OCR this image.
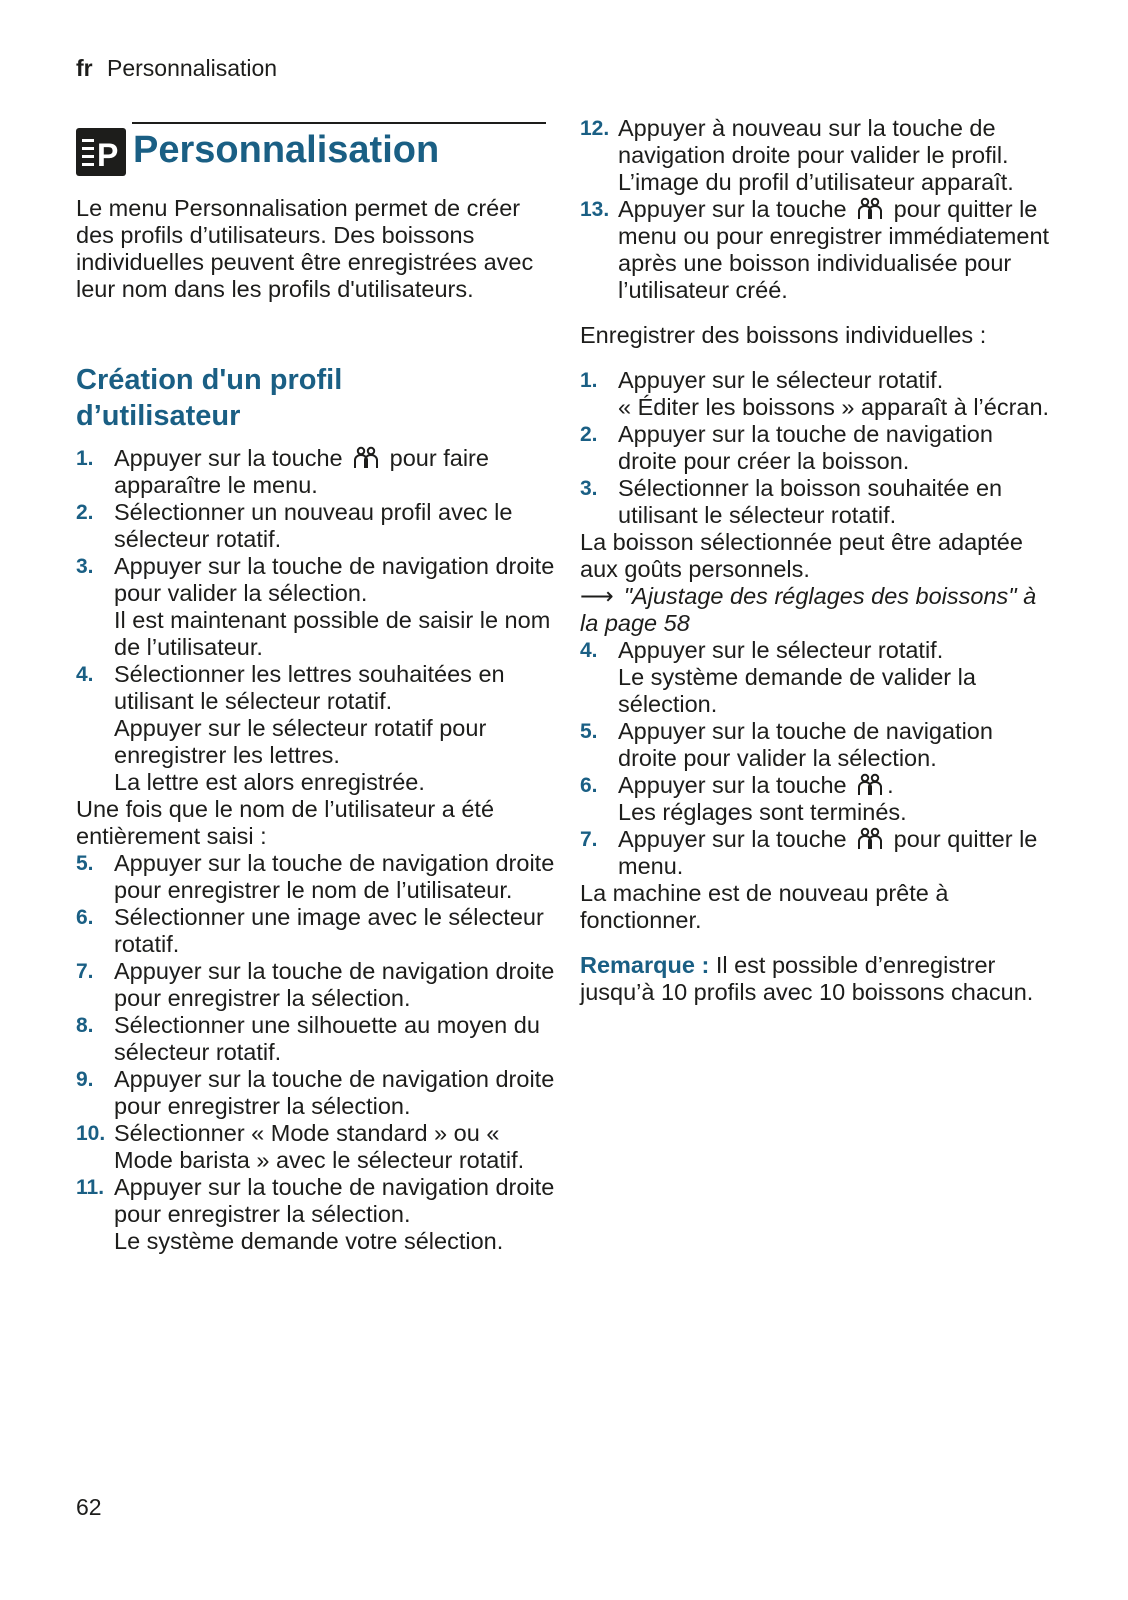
fr Personnalisation
P Personnalisation
Le menu Personnalisation permet de créer des profils d’utilisateurs. Des boissons individuelles peuvent être enregistrées avec leur nom dans les profils d'utilisateurs.
Création d'un profil
d’utilisateur
1. Appuyer sur la touche pour faire apparaître le menu.
2. Sélectionner un nouveau profil avec le sélecteur rotatif.
3. Appuyer sur la touche de navigation droite pour valider la sélection.
Il est maintenant possible de saisir le nom de l’utilisateur.
4. Sélectionner les lettres souhaitées en utilisant le sélecteur rotatif.
Appuyer sur le sélecteur rotatif pour enregistrer les lettres.
La lettre est alors enregistrée.
Une fois que le nom de l’utilisateur a été entièrement saisi :
5. Appuyer sur la touche de navigation droite pour enregistrer le nom de l’utilisateur.
6. Sélectionner une image avec le sélecteur rotatif.
7. Appuyer sur la touche de navigation droite pour enregistrer la sélection.
8. Sélectionner une silhouette au moyen du sélecteur rotatif.
9. Appuyer sur la touche de navigation droite pour enregistrer la sélection.
10. Sélectionner « Mode standard » ou « Mode barista » avec le sélecteur rotatif.
11. Appuyer sur la touche de navigation droite pour enregistrer la sélection.
Le système demande votre sélection.
12. Appuyer à nouveau sur la touche de navigation droite pour valider le profil.
L’image du profil d’utilisateur apparaît.
13. Appuyer sur la touche pour quitter le menu ou pour enregistrer immédiatement après une boisson individualisée pour l’utilisateur créé.
Enregistrer des boissons individuelles :
1. Appuyer sur le sélecteur rotatif.
« Éditer les boissons » apparaît à l’écran.
2. Appuyer sur la touche de navigation droite pour créer la boisson.
3. Sélectionner la boisson souhaitée en utilisant le sélecteur rotatif.
La boisson sélectionnée peut être adaptée aux goûts personnels.
⟶ "Ajustage des réglages des boissons" à la page 58
4. Appuyer sur le sélecteur rotatif.
Le système demande de valider la sélection.
5. Appuyer sur la touche de navigation droite pour valider la sélection.
6. Appuyer sur la touche .
Les réglages sont terminés.
7. Appuyer sur la touche pour quitter le menu.
La machine est de nouveau prête à fonctionner.
Remarque : Il est possible d’enregistrer jusqu’à 10 profils avec 10 boissons chacun.
62
